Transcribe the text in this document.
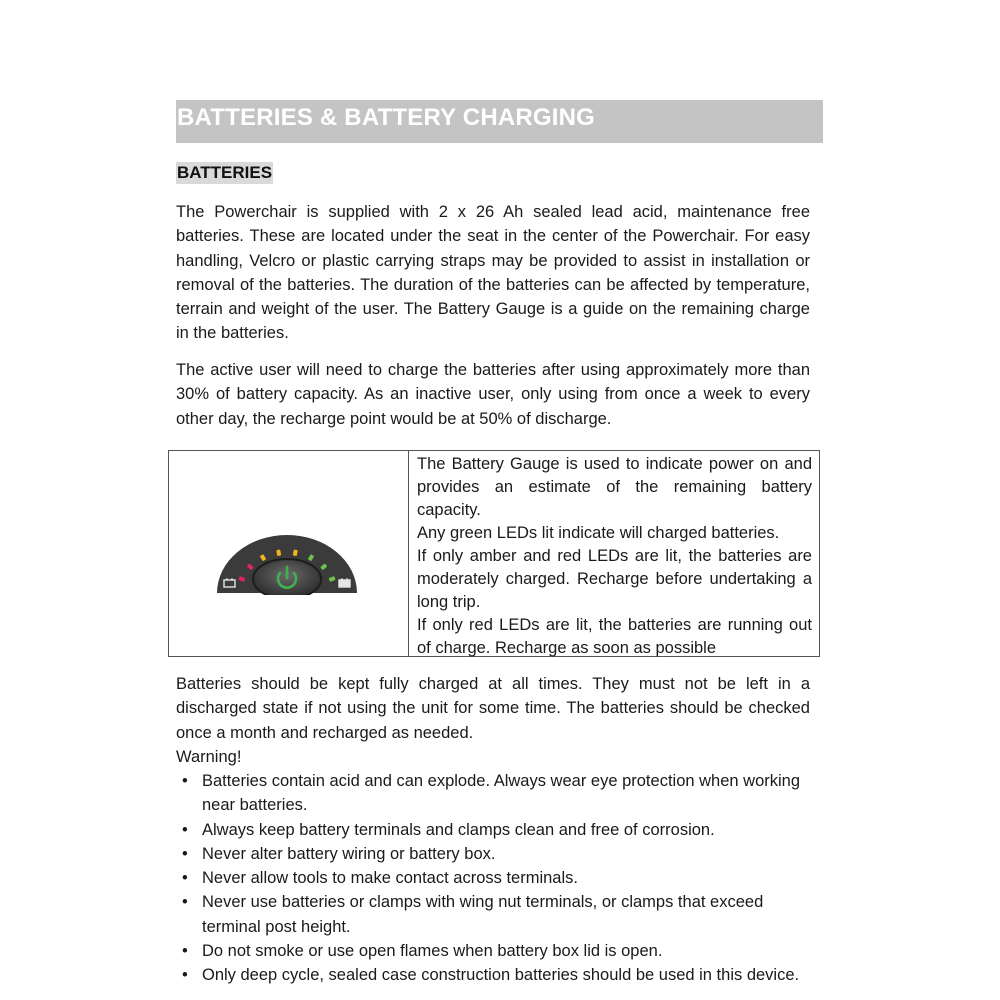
BATTERIES & BATTERY CHARGING
BATTERIES

The Powerchair is supplied with 2 x 26 Ah sealed lead acid, maintenance free batteries. These are located under the seat in the center of the Powerchair. For easy handling, Velcro or plastic carrying straps may be provided to assist in installation or removal of the batteries. The duration of the batteries can be affected by temperature, terrain and weight of the user. The Battery Gauge is a guide on the remaining charge in the batteries.

The active user will need to charge the batteries after using approximately more than 30% of battery capacity. As an inactive user, only using from once a week to every other day, the recharge point would be at 50% of discharge.

The Battery Gauge is used to indicate power on and provides an estimate of the remaining battery capacity.

Any green LEDs lit indicate will charged batteries.

If only amber and red LEDs are lit, the batteries are moderately charged. Recharge before undertaking a long trip.

If only red LEDs are lit, the batteries are running out of charge. Recharge as soon as possible

Batteries should be kept fully charged at all times. They must not be left in a discharged state if not using the unit for some time. The batteries should be checked once a month and recharged as needed.

Warning!
• Batteries contain acid and can explode. Always wear eye protection when working near batteries.
• Always keep battery terminals and clamps clean and free of corrosion.
• Never alter battery wiring or battery box.
• Never allow tools to make contact across terminals.
• Never use batteries or clamps with wing nut terminals, or clamps that exceed terminal post height.
• Do not smoke or use open flames when battery box lid is open.
• Only deep cycle, sealed case construction batteries should be used in this device.
